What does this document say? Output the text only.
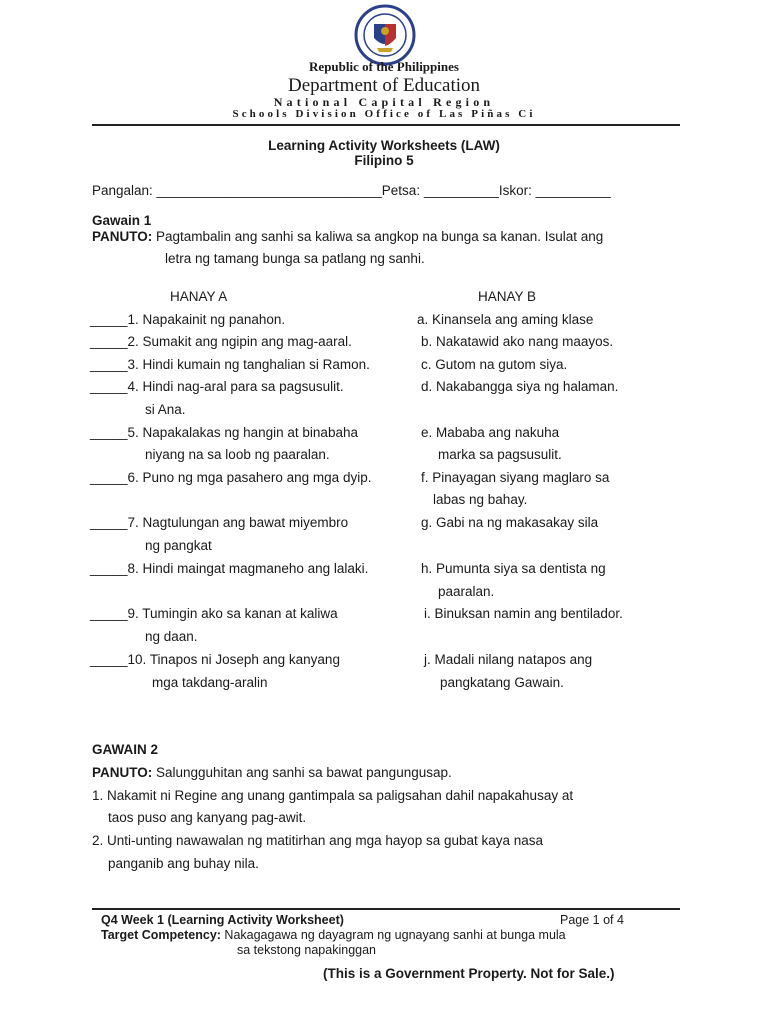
Republic of the Philippines
Department of Education
National Capital Region
Schools Division Office of Las Piñas Ci
Learning Activity Worksheets (LAW)
Filipino 5
Pangalan: ______________________________Petsa: __________Iskor: __________
Gawain 1
PANUTO: Pagtambalin ang sanhi sa kaliwa sa angkop na bunga sa kanan. Isulat ang
letra ng tamang bunga sa patlang ng sanhi.
HANAY A	HANAY B
_____1. Napakainit ng panahon.
_____2. Sumakit ang ngipin ang mag-aaral.
_____3. Hindi kumain ng tanghalian si Ramon.
_____4. Hindi nag-aral para sa pagsusulit.
si Ana.
_____5. Napakalakas ng hangin at binabaha
niyang na sa loob ng paaralan.
_____6. Puno ng mga pasahero ang mga dyip.
_____7. Nagtulungan ang bawat miyembro
ng pangkat
_____8. Hindi maingat magmaneho ang lalaki.
_____9. Tumingin ako sa kanan at kaliwa
ng daan.
_____10. Tinapos ni Joseph ang kanyang
mga takdang-aralin
a. Kinansela ang aming klase
b. Nakatawid ako nang maayos.
c. Gutom na gutom siya.
d. Nakabangga siya ng halaman.
e. Mababa ang nakuha
marka sa pagsusulit.
f. Pinayagan siyang maglaro sa
labas ng bahay.
g. Gabi na ng makasakay sila
h. Pumunta siya sa dentista ng
paaralan.
i. Binuksan namin ang bentilador.
j. Madali nilang natapos ang
pangkatang Gawain.
GAWAIN 2
PANUTO: Salungguhitan ang sanhi sa bawat pangungusap.
1. Nakamit ni Regine ang unang gantimpala sa paligsahan dahil napakahusay at
taos puso ang kanyang pag-awit.
2. Unti-unting nawawalan ng matitirhan ang mga hayop sa gubat kaya nasa
panganib ang buhay nila.
Q4 Week 1 (Learning Activity Worksheet)	Page 1 of 4
Target Competency: Nakagagawa ng dayagram ng ugnayang sanhi at bunga mula
sa tekstong napakinggan
(This is a Government Property. Not for Sale.)
